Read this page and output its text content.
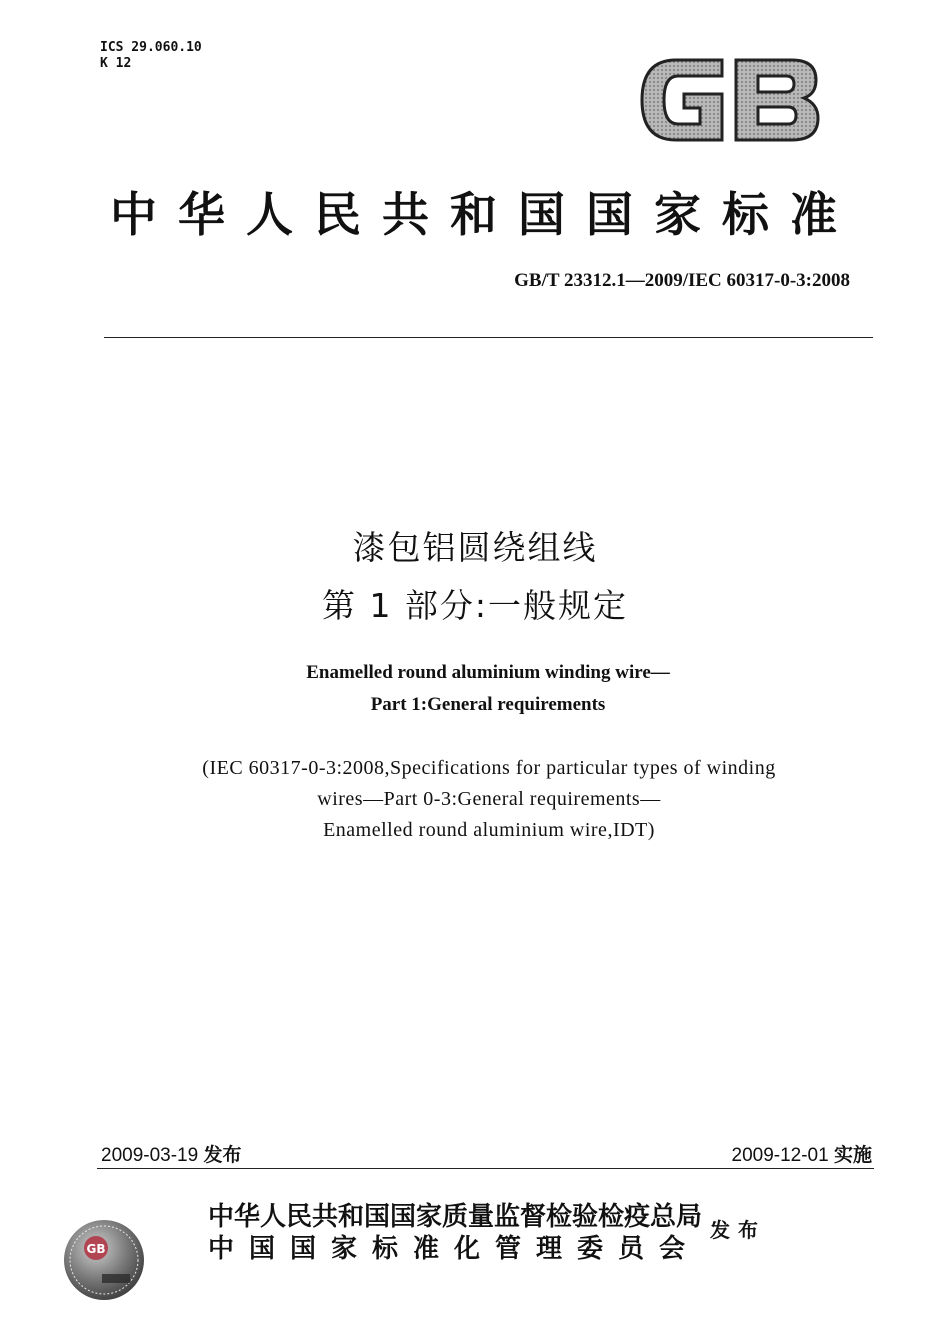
ICS 29.060.10
K 12
中华人民共和国国家标准
GB/T 23312.1—2009/IEC 60317-0-3:2008
漆包铝圆绕组线
第 1 部分:一般规定
Enamelled round aluminium winding wire—
Part 1:General requirements
(IEC 60317-0-3:2008,Specifications for particular types of winding
wires—Part 0-3:General requirements—
Enamelled round aluminium wire,IDT)
2009-03-19 发布	2009-12-01 实施
GB
中华人民共和国国家质量监督检验检疫总局
中国国家标准化管理委员会
发布
